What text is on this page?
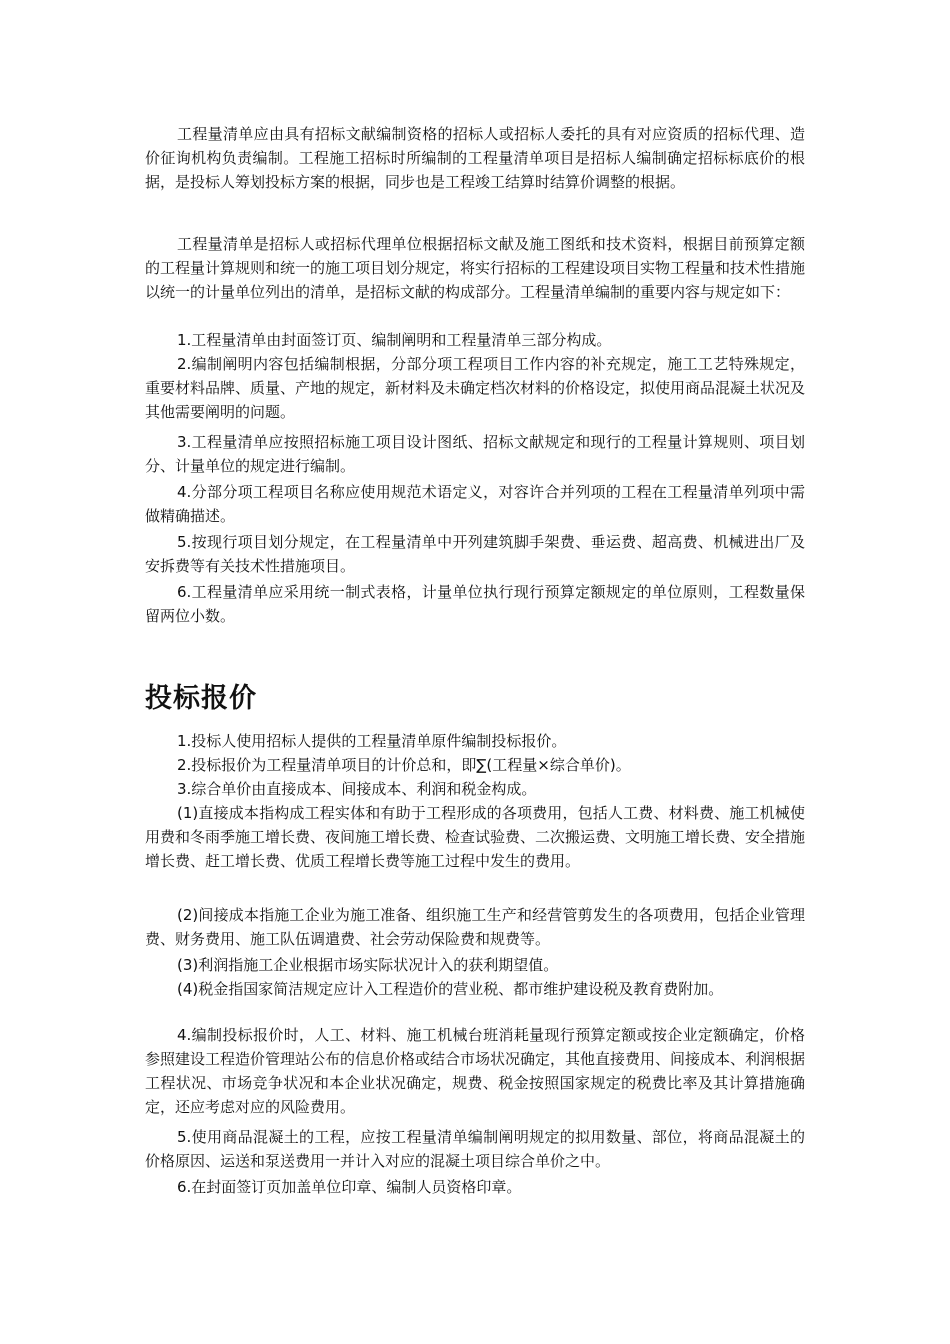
工程量清单应由具有招标文献编制资格的招标人或招标人委托的具有对应资质的招标代理、造价征询机构负责编制。工程施工招标时所编制的工程量清单项目是招标人编制确定招标标底价的根据，是投标人筹划投标方案的根据，同步也是工程竣工结算时结算价调整的根据。

工程量清单是招标人或招标代理单位根据招标文献及施工图纸和技术资料，根据目前预算定额的工程量计算规则和统一的施工项目划分规定，将实行招标的工程建设项目实物工程量和技术性措施以统一的计量单位列出的清单，是招标文献的构成部分。工程量清单编制的重要内容与规定如下：

1.工程量清单由封面签订页、编制阐明和工程量清单三部分构成。

2.编制阐明内容包括编制根据，分部分项工程项目工作内容的补充规定，施工工艺特殊规定，重要材料品牌、质量、产地的规定，新材料及未确定档次材料的价格设定，拟使用商品混凝土状况及其他需要阐明的问题。

3.工程量清单应按照招标施工项目设计图纸、招标文献规定和现行的工程量计算规则、项目划分、计量单位的规定进行编制。

4.分部分项工程项目名称应使用规范术语定义，对容许合并列项的工程在工程量清单列项中需做精确描述。

5.按现行项目划分规定，在工程量清单中开列建筑脚手架费、垂运费、超高费、机械进出厂及安拆费等有关技术性措施项目。

6.工程量清单应采用统一制式表格，计量单位执行现行预算定额规定的单位原则，工程数量保留两位小数。

投标报价

1.投标人使用招标人提供的工程量清单原件编制投标报价。

2.投标报价为工程量清单项目的计价总和，即∑(工程量×综合单价)。

3.综合单价由直接成本、间接成本、利润和税金构成。

(1)直接成本指构成工程实体和有助于工程形成的各项费用，包括人工费、材料费、施工机械使用费和冬雨季施工增长费、夜间施工增长费、检查试验费、二次搬运费、文明施工增长费、安全措施增长费、赶工增长费、优质工程增长费等施工过程中发生的费用。

(2)间接成本指施工企业为施工准备、组织施工生产和经营管剪发生的各项费用，包括企业管理费、财务费用、施工队伍调遣费、社会劳动保险费和规费等。

(3)利润指施工企业根据市场实际状况计入的获利期望值。

(4)税金指国家简洁规定应计入工程造价的营业税、都市维护建设税及教育费附加。

4.编制投标报价时，人工、材料、施工机械台班消耗量现行预算定额或按企业定额确定，价格参照建设工程造价管理站公布的信息价格或结合市场状况确定，其他直接费用、间接成本、利润根据工程状况、市场竞争状况和本企业状况确定，规费、税金按照国家规定的税费比率及其计算措施确定，还应考虑对应的风险费用。

5.使用商品混凝土的工程，应按工程量清单编制阐明规定的拟用数量、部位，将商品混凝土的价格原因、运送和泵送费用一并计入对应的混凝土项目综合单价之中。

6.在封面签订页加盖单位印章、编制人员资格印章。
